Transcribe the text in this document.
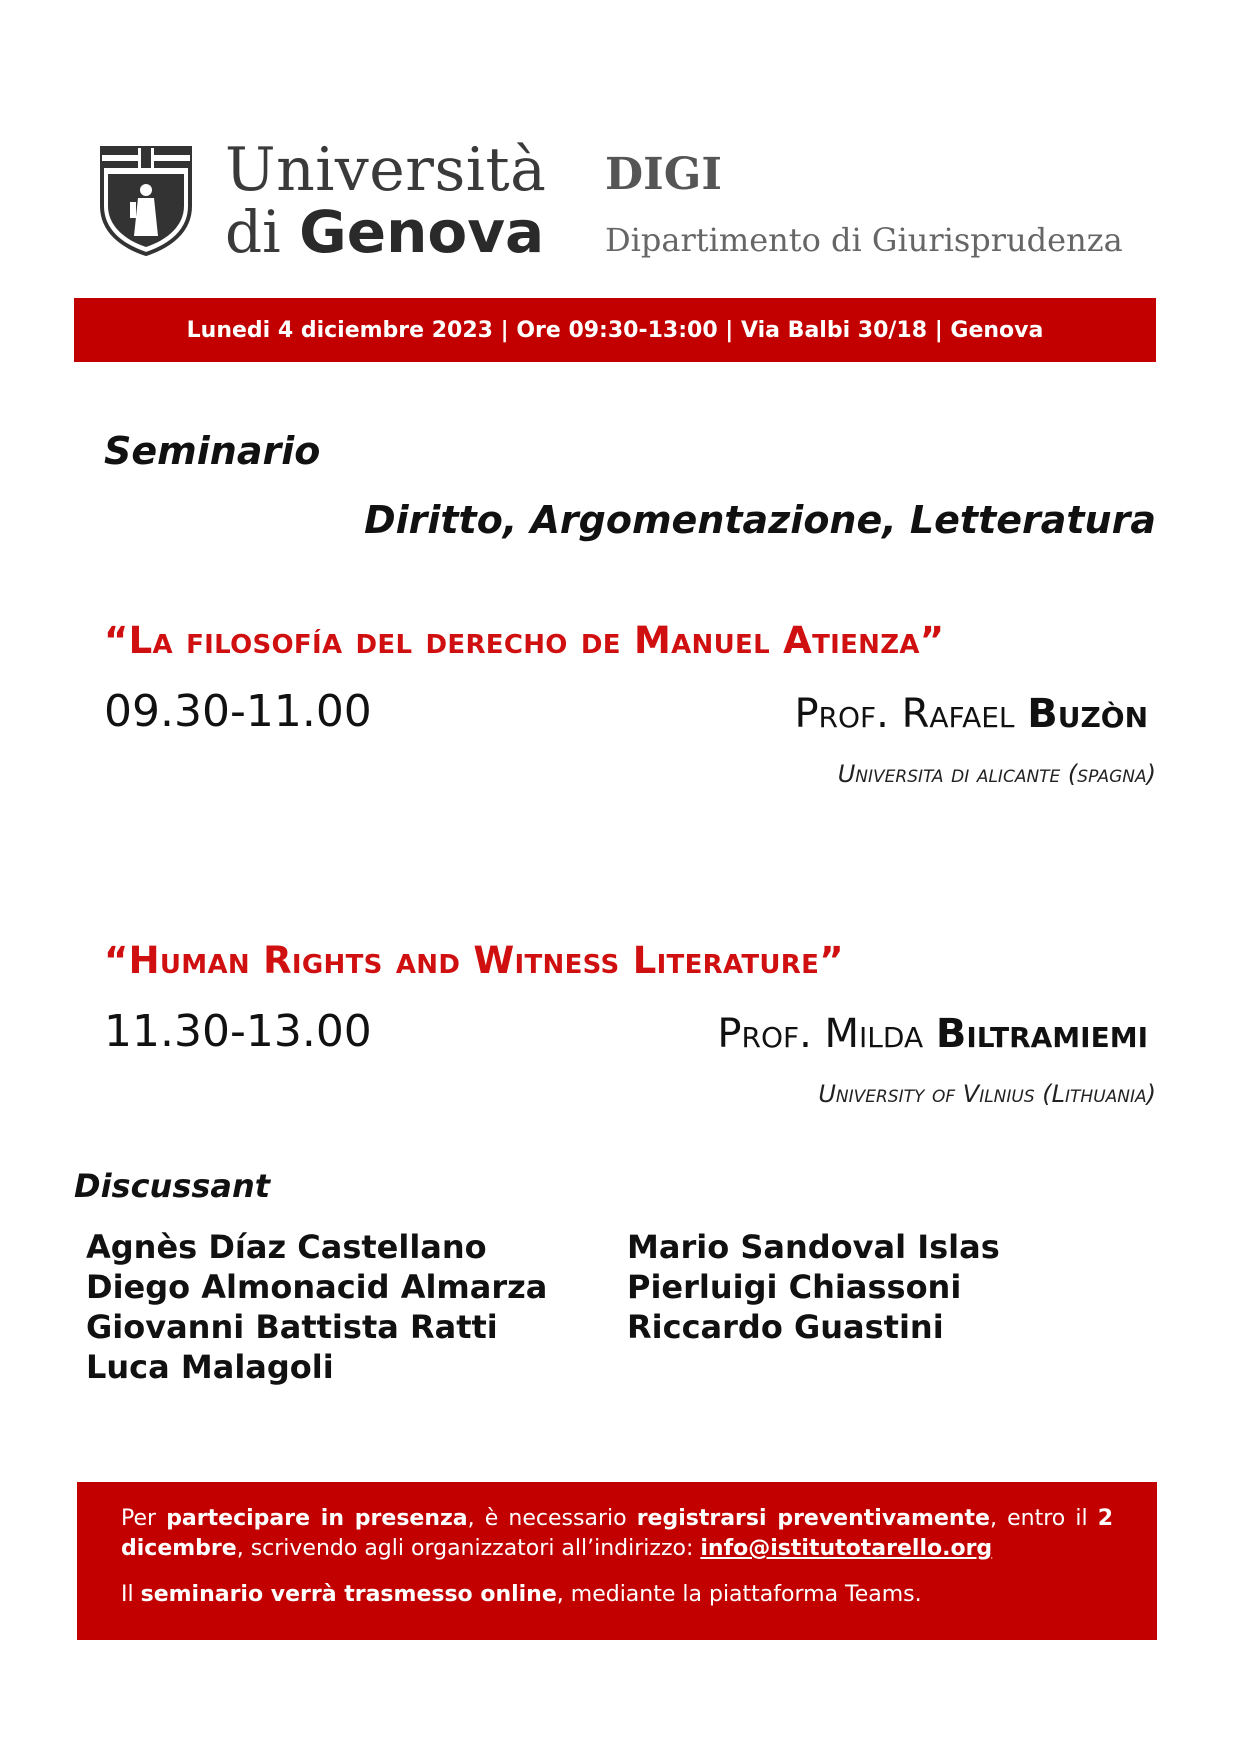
Università
di Genova
DIGI
Dipartimento di Giurisprudenza
Lunedi 4 diciembre 2023 | Ore 09:30-13:00 | Via Balbi 30/18 | Genova
Seminario
Diritto, Argomentazione, Letteratura
“La filosofía del derecho de Manuel Atienza”
09.30-11.00	Prof. Rafael Buzòn
Universita di alicante (spagna)
“Human Rights and Witness Literature”
11.30-13.00	Prof. Milda Biltramiemi
University of Vilnius (Lithuania)
Discussant
Agnès Díaz Castellano
Diego Almonacid Almarza
Giovanni Battista Ratti
Luca Malagoli
Mario Sandoval Islas
Pierluigi Chiassoni
Riccardo Guastini

Per partecipare in presenza, è necessario registrarsi preventivamente, entro il 2 dicembre, scrivendo agli organizzatori all’indirizzo: info@istitutotarello.org

Il seminario verrà trasmesso online, mediante la piattaforma Teams.
